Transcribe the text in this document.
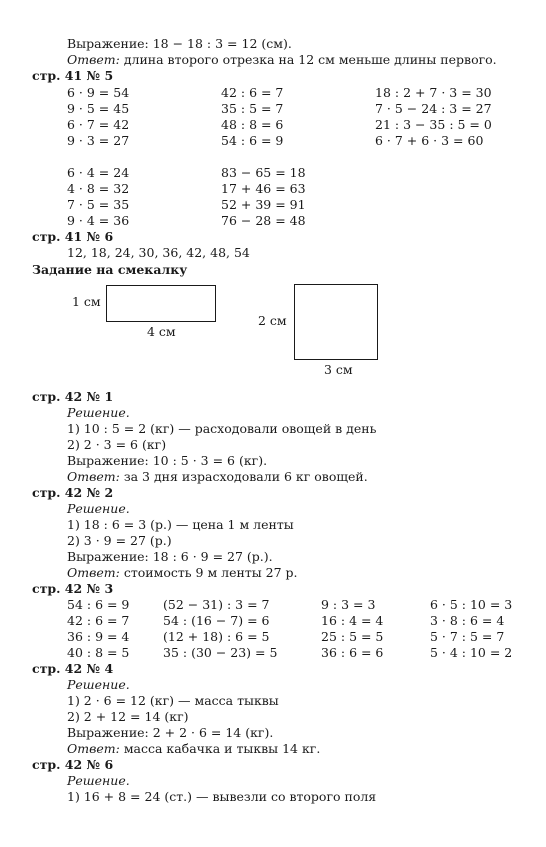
Выражение: 18 − 18 : 3 = 12 (см).
Ответ: длина второго отрезка на 12 см меньше длины первого.
стр. 41 № 5
6 · 9 = 54
9 · 5 = 45
6 · 7 = 42
9 · 3 = 27
42 : 6 = 7
35 : 5 = 7
48 : 8 = 6
54 : 6 = 9
18 : 2 + 7 · 3 = 30
7 · 5 − 24 : 3 = 27
21 : 3 − 35 : 5 = 0
6 · 7 + 6 · 3 = 60
6 · 4 = 24
4 · 8 = 32
7 · 5 = 35
9 · 4 = 36
83 − 65 = 18
17 + 46 = 63
52 + 39 = 91
76 − 28 = 48
стр. 41 № 6
12, 18, 24, 30, 36, 42, 48, 54
Задание на смекалку
1 см
4 см
2 см
3 см
стр. 42 № 1
Решение.
1) 10 : 5 = 2 (кг) — расходовали овощей в день
2) 2 · 3 = 6 (кг)
Выражение: 10 : 5 · 3 = 6 (кг).
Ответ: за 3 дня израсходовали 6 кг овощей.
стр. 42 № 2
Решение.
1) 18 : 6 = 3 (р.) — цена 1 м ленты
2) 3 · 9 = 27 (р.)
Выражение: 18 : 6 · 9 = 27 (р.).
Ответ: стоимость 9 м ленты 27 р.
стр. 42 № 3
54 : 6 = 9
42 : 6 = 7
36 : 9 = 4
40 : 8 = 5
(52 − 31) : 3 = 7
54 : (16 − 7) = 6
(12 + 18) : 6 = 5
35 : (30 − 23) = 5
9 : 3 = 3
16 : 4 = 4
25 : 5 = 5
36 : 6 = 6
6 · 5 : 10 = 3
3 · 8 : 6 = 4
5 · 7 : 5 = 7
5 · 4 : 10 = 2
стр. 42 № 4
Решение.
1) 2 · 6 = 12 (кг) — масса тыквы
2) 2 + 12 = 14 (кг)
Выражение: 2 + 2 · 6 = 14 (кг).
Ответ: масса кабачка и тыквы 14 кг.
стр. 42 № 6
Решение.
1) 16 + 8 = 24 (ст.) — вывезли со второго поля
